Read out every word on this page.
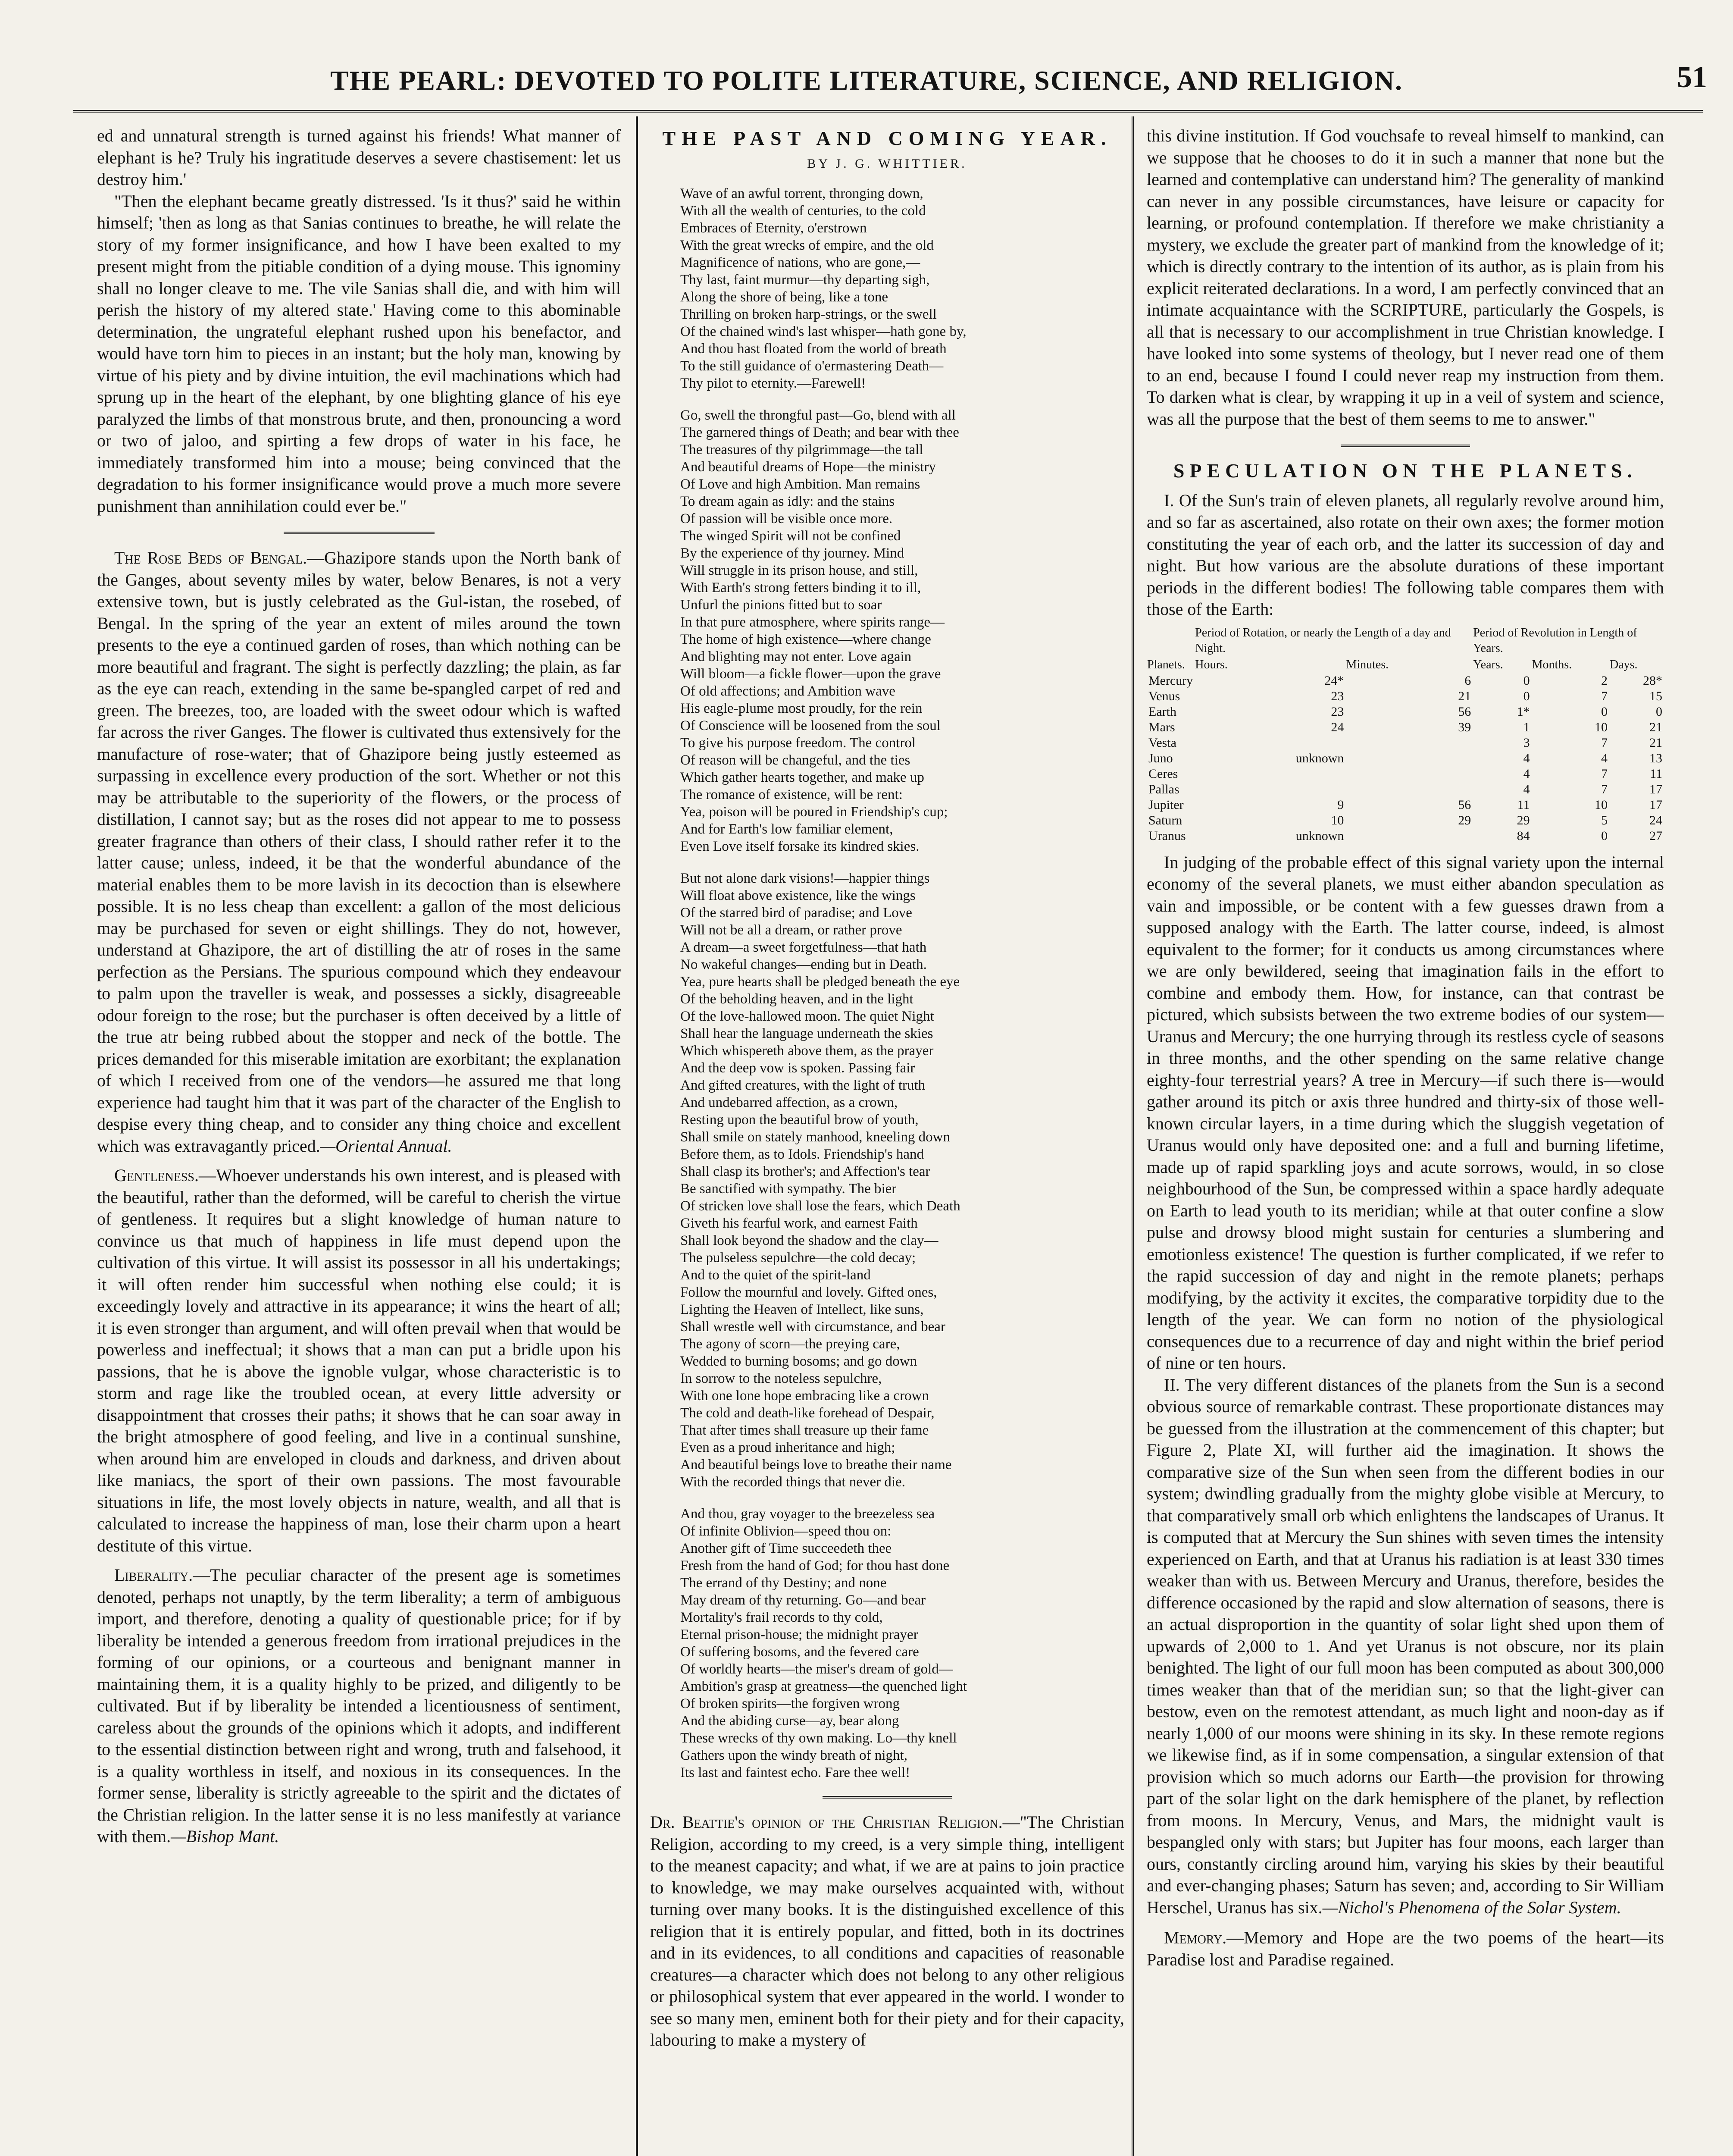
THE PEARL: DEVOTED TO POLITE LITERATURE, SCIENCE, AND RELIGION.	51

ed and unnatural strength is turned against his friends! What manner of elephant is he? Truly his ingratitude deserves a severe chastisement: let us destroy him.'

"Then the elephant became greatly distressed. 'Is it thus?' said he within himself; 'then as long as that Sanias continues to breathe, he will relate the story of my former insignificance, and how I have been exalted to my present might from the pitiable condition of a dying mouse. This ignominy shall no longer cleave to me. The vile Sanias shall die, and with him will perish the history of my altered state.' Having come to this abominable determination, the ungrateful elephant rushed upon his benefactor, and would have torn him to pieces in an instant; but the holy man, knowing by virtue of his piety and by divine intuition, the evil machinations which had sprung up in the heart of the elephant, by one blighting glance of his eye paralyzed the limbs of that monstrous brute, and then, pronouncing a word or two of jaloo, and spirting a few drops of water in his face, he immediately transformed him into a mouse; being convinced that the degradation to his former insignificance would prove a much more severe punishment than annihilation could ever be."

The Rose Beds of Bengal.—Ghazipore stands upon the North bank of the Ganges, about seventy miles by water, below Benares, is not a very extensive town, but is justly celebrated as the Gul-istan, the rosebed, of Bengal. In the spring of the year an extent of miles around the town presents to the eye a continued garden of roses, than which nothing can be more beautiful and fragrant. The sight is perfectly dazzling; the plain, as far as the eye can reach, extending in the same be-spangled carpet of red and green. The breezes, too, are loaded with the sweet odour which is wafted far across the river Ganges. The flower is cultivated thus extensively for the manufacture of rose-water; that of Ghazipore being justly esteemed as surpassing in excellence every production of the sort. Whether or not this may be attributable to the superiority of the flowers, or the process of distillation, I cannot say; but as the roses did not appear to me to possess greater fragrance than others of their class, I should rather refer it to the latter cause; unless, indeed, it be that the wonderful abundance of the material enables them to be more lavish in its decoction than is elsewhere possible. It is no less cheap than excellent: a gallon of the most delicious may be purchased for seven or eight shillings. They do not, however, understand at Ghazipore, the art of distilling the atr of roses in the same perfection as the Persians. The spurious compound which they endeavour to palm upon the traveller is weak, and possesses a sickly, disagreeable odour foreign to the rose; but the purchaser is often deceived by a little of the true atr being rubbed about the stopper and neck of the bottle. The prices demanded for this miserable imitation are exorbitant; the explanation of which I received from one of the vendors—he assured me that long experience had taught him that it was part of the character of the English to despise every thing cheap, and to consider any thing choice and excellent which was extravagantly priced.—Oriental Annual.

Gentleness.—Whoever understands his own interest, and is pleased with the beautiful, rather than the deformed, will be careful to cherish the virtue of gentleness. It requires but a slight knowledge of human nature to convince us that much of happiness in life must depend upon the cultivation of this virtue. It will assist its possessor in all his undertakings; it will often render him successful when nothing else could; it is exceedingly lovely and attractive in its appearance; it wins the heart of all; it is even stronger than argument, and will often prevail when that would be powerless and ineffectual; it shows that a man can put a bridle upon his passions, that he is above the ignoble vulgar, whose characteristic is to storm and rage like the troubled ocean, at every little adversity or disappointment that crosses their paths; it shows that he can soar away in the bright atmosphere of good feeling, and live in a continual sunshine, when around him are enveloped in clouds and darkness, and driven about like maniacs, the sport of their own passions. The most favourable situations in life, the most lovely objects in nature, wealth, and all that is calculated to increase the happiness of man, lose their charm upon a heart destitute of this virtue.

Liberality.—The peculiar character of the present age is sometimes denoted, perhaps not unaptly, by the term liberality; a term of ambiguous import, and therefore, denoting a quality of questionable price; for if by liberality be intended a generous freedom from irrational prejudices in the forming of our opinions, or a courteous and benignant manner in maintaining them, it is a quality highly to be prized, and diligently to be cultivated. But if by liberality be intended a licentiousness of sentiment, careless about the grounds of the opinions which it adopts, and indifferent to the essential distinction between right and wrong, truth and falsehood, it is a quality worthless in itself, and noxious in its consequences. In the former sense, liberality is strictly agreeable to the spirit and the dictates of the Christian religion. In the latter sense it is no less manifestly at variance with them.—Bishop Mant.

THE PAST AND COMING YEAR.
BY J. G. WHITTIER.
Wave of an awful torrent, thronging down,
With all the wealth of centuries, to the cold
Embraces of Eternity, o'erstrown
With the great wrecks of empire, and the old
Magnificence of nations, who are gone,—
Thy last, faint murmur—thy departing sigh,
Along the shore of being, like a tone
Thrilling on broken harp-strings, or the swell
Of the chained wind's last whisper—hath gone by,
And thou hast floated from the world of breath
To the still guidance of o'ermastering Death—
Thy pilot to eternity.—Farewell!
Go, swell the throngful past—Go, blend with all
The garnered things of Death; and bear with thee
The treasures of thy pilgrimmage—the tall
And beautiful dreams of Hope—the ministry
Of Love and high Ambition. Man remains
To dream again as idly: and the stains
Of passion will be visible once more.
The winged Spirit will not be confined
By the experience of thy journey. Mind
Will struggle in its prison house, and still,
With Earth's strong fetters binding it to ill,
Unfurl the pinions fitted but to soar
In that pure atmosphere, where spirits range—
The home of high existence—where change
And blighting may not enter. Love again
Will bloom—a fickle flower—upon the grave
Of old affections; and Ambition wave
His eagle-plume most proudly, for the rein
Of Conscience will be loosened from the soul
To give his purpose freedom. The control
Of reason will be changeful, and the ties
Which gather hearts together, and make up
The romance of existence, will be rent:
Yea, poison will be poured in Friendship's cup;
And for Earth's low familiar element,
Even Love itself forsake its kindred skies.
But not alone dark visions!—happier things
Will float above existence, like the wings
Of the starred bird of paradise; and Love
Will not be all a dream, or rather prove
A dream—a sweet forgetfulness—that hath
No wakeful changes—ending but in Death.
Yea, pure hearts shall be pledged beneath the eye
Of the beholding heaven, and in the light
Of the love-hallowed moon. The quiet Night
Shall hear the language underneath the skies
Which whispereth above them, as the prayer
And the deep vow is spoken. Passing fair
And gifted creatures, with the light of truth
And undebarred affection, as a crown,
Resting upon the beautiful brow of youth,
Shall smile on stately manhood, kneeling down
Before them, as to Idols. Friendship's hand
Shall clasp its brother's; and Affection's tear
Be sanctified with sympathy. The bier
Of stricken love shall lose the fears, which Death
Giveth his fearful work, and earnest Faith
Shall look beyond the shadow and the clay—
The pulseless sepulchre—the cold decay;
And to the quiet of the spirit-land
Follow the mournful and lovely. Gifted ones,
Lighting the Heaven of Intellect, like suns,
Shall wrestle well with circumstance, and bear
The agony of scorn—the preying care,
Wedded to burning bosoms; and go down
In sorrow to the noteless sepulchre,
With one lone hope embracing like a crown
The cold and death-like forehead of Despair,
That after times shall treasure up their fame
Even as a proud inheritance and high;
And beautiful beings love to breathe their name
With the recorded things that never die.
And thou, gray voyager to the breezeless sea
Of infinite Oblivion—speed thou on:
Another gift of Time succeedeth thee
Fresh from the hand of God; for thou hast done
The errand of thy Destiny; and none
May dream of thy returning. Go—and bear
Mortality's frail records to thy cold,
Eternal prison-house; the midnight prayer
Of suffering bosoms, and the fevered care
Of worldly hearts—the miser's dream of gold—
Ambition's grasp at greatness—the quenched light
Of broken spirits—the forgiven wrong
And the abiding curse—ay, bear along
These wrecks of thy own making. Lo—thy knell
Gathers upon the windy breath of night,
Its last and faintest echo. Fare thee well!

Dr. Beattie's opinion of the Christian Religion.—"The Christian Religion, according to my creed, is a very simple thing, intelligent to the meanest capacity; and what, if we are at pains to join practice to knowledge, we may make ourselves acquainted with, without turning over many books. It is the distinguished excellence of this religion that it is entirely popular, and fitted, both in its doctrines and in its evidences, to all conditions and capacities of reasonable creatures—a character which does not belong to any other religious or philosophical system that ever appeared in the world. I wonder to see so many men, eminent both for their piety and for their capacity, labouring to make a mystery of

this divine institution. If God vouchsafe to reveal himself to mankind, can we suppose that he chooses to do it in such a manner that none but the learned and contemplative can understand him? The generality of mankind can never in any possible circumstances, have leisure or capacity for learning, or profound contemplation. If therefore we make christianity a mystery, we exclude the greater part of mankind from the knowledge of it; which is directly contrary to the intention of its author, as is plain from his explicit reiterated declarations. In a word, I am perfectly convinced that an intimate acquaintance with the SCRIPTURE, particularly the Gospels, is all that is necessary to our accomplishment in true Christian knowledge. I have looked into some systems of theology, but I never read one of them to an end, because I found I could never reap my instruction from them. To darken what is clear, by wrapping it up in a veil of system and science, was all the purpose that the best of them seems to me to answer."

SPECULATION ON THE PLANETS.

I. Of the Sun's train of eleven planets, all regularly revolve around him, and so far as ascertained, also rotate on their own axes; the former motion constituting the year of each orb, and the latter its succession of day and night. But how various are the absolute durations of these important periods in the different bodies! The following table compares them with those of the Earth:

Planets.	Period of Rotation, or nearly the Length of a day and Night.		Period of Revolution in Length of Years.		
	Hours.	Minutes.	Years.	Months.	Days.
Mercury	24*	6	0	2	28*
Venus	23	21	0	7	15
Earth	23	56	1*	0	0
Mars	24	39	1	10	21
Vesta			3	7	21
Juno	unknown		4	4	13
Ceres			4	7	11
Pallas			4	7	17
Jupiter	9	56	11	10	17
Saturn	10	29	29	5	24
Uranus	unknown		84	0	27

In judging of the probable effect of this signal variety upon the internal economy of the several planets, we must either abandon speculation as vain and impossible, or be content with a few guesses drawn from a supposed analogy with the Earth. The latter course, indeed, is almost equivalent to the former; for it conducts us among circumstances where we are only bewildered, seeing that imagination fails in the effort to combine and embody them. How, for instance, can that contrast be pictured, which subsists between the two extreme bodies of our system—Uranus and Mercury; the one hurrying through its restless cycle of seasons in three months, and the other spending on the same relative change eighty-four terrestrial years? A tree in Mercury—if such there is—would gather around its pitch or axis three hundred and thirty-six of those well-known circular layers, in a time during which the sluggish vegetation of Uranus would only have deposited one: and a full and burning lifetime, made up of rapid sparkling joys and acute sorrows, would, in so close neighbourhood of the Sun, be compressed within a space hardly adequate on Earth to lead youth to its meridian; while at that outer confine a slow pulse and drowsy blood might sustain for centuries a slumbering and emotionless existence! The question is further complicated, if we refer to the rapid succession of day and night in the remote planets; perhaps modifying, by the activity it excites, the comparative torpidity due to the length of the year. We can form no notion of the physiological consequences due to a recurrence of day and night within the brief period of nine or ten hours.

II. The very different distances of the planets from the Sun is a second obvious source of remarkable contrast. These proportionate distances may be guessed from the illustration at the commencement of this chapter; but Figure 2, Plate XI, will further aid the imagination. It shows the comparative size of the Sun when seen from the different bodies in our system; dwindling gradually from the mighty globe visible at Mercury, to that comparatively small orb which enlightens the landscapes of Uranus. It is computed that at Mercury the Sun shines with seven times the intensity experienced on Earth, and that at Uranus his radiation is at least 330 times weaker than with us. Between Mercury and Uranus, therefore, besides the difference occasioned by the rapid and slow alternation of seasons, there is an actual disproportion in the quantity of solar light shed upon them of upwards of 2,000 to 1. And yet Uranus is not obscure, nor its plain benighted. The light of our full moon has been computed as about 300,000 times weaker than that of the meridian sun; so that the light-giver can bestow, even on the remotest attendant, as much light and noon-day as if nearly 1,000 of our moons were shining in its sky. In these remote regions we likewise find, as if in some compensation, a singular extension of that provision which so much adorns our Earth—the provision for throwing part of the solar light on the dark hemisphere of the planet, by reflection from moons. In Mercury, Venus, and Mars, the midnight vault is bespangled only with stars; but Jupiter has four moons, each larger than ours, constantly circling around him, varying his skies by their beautiful and ever-changing phases; Saturn has seven; and, according to Sir William Herschel, Uranus has six.—Nichol's Phenomena of the Solar System.

Memory.—Memory and Hope are the two poems of the heart—its Paradise lost and Paradise regained.
